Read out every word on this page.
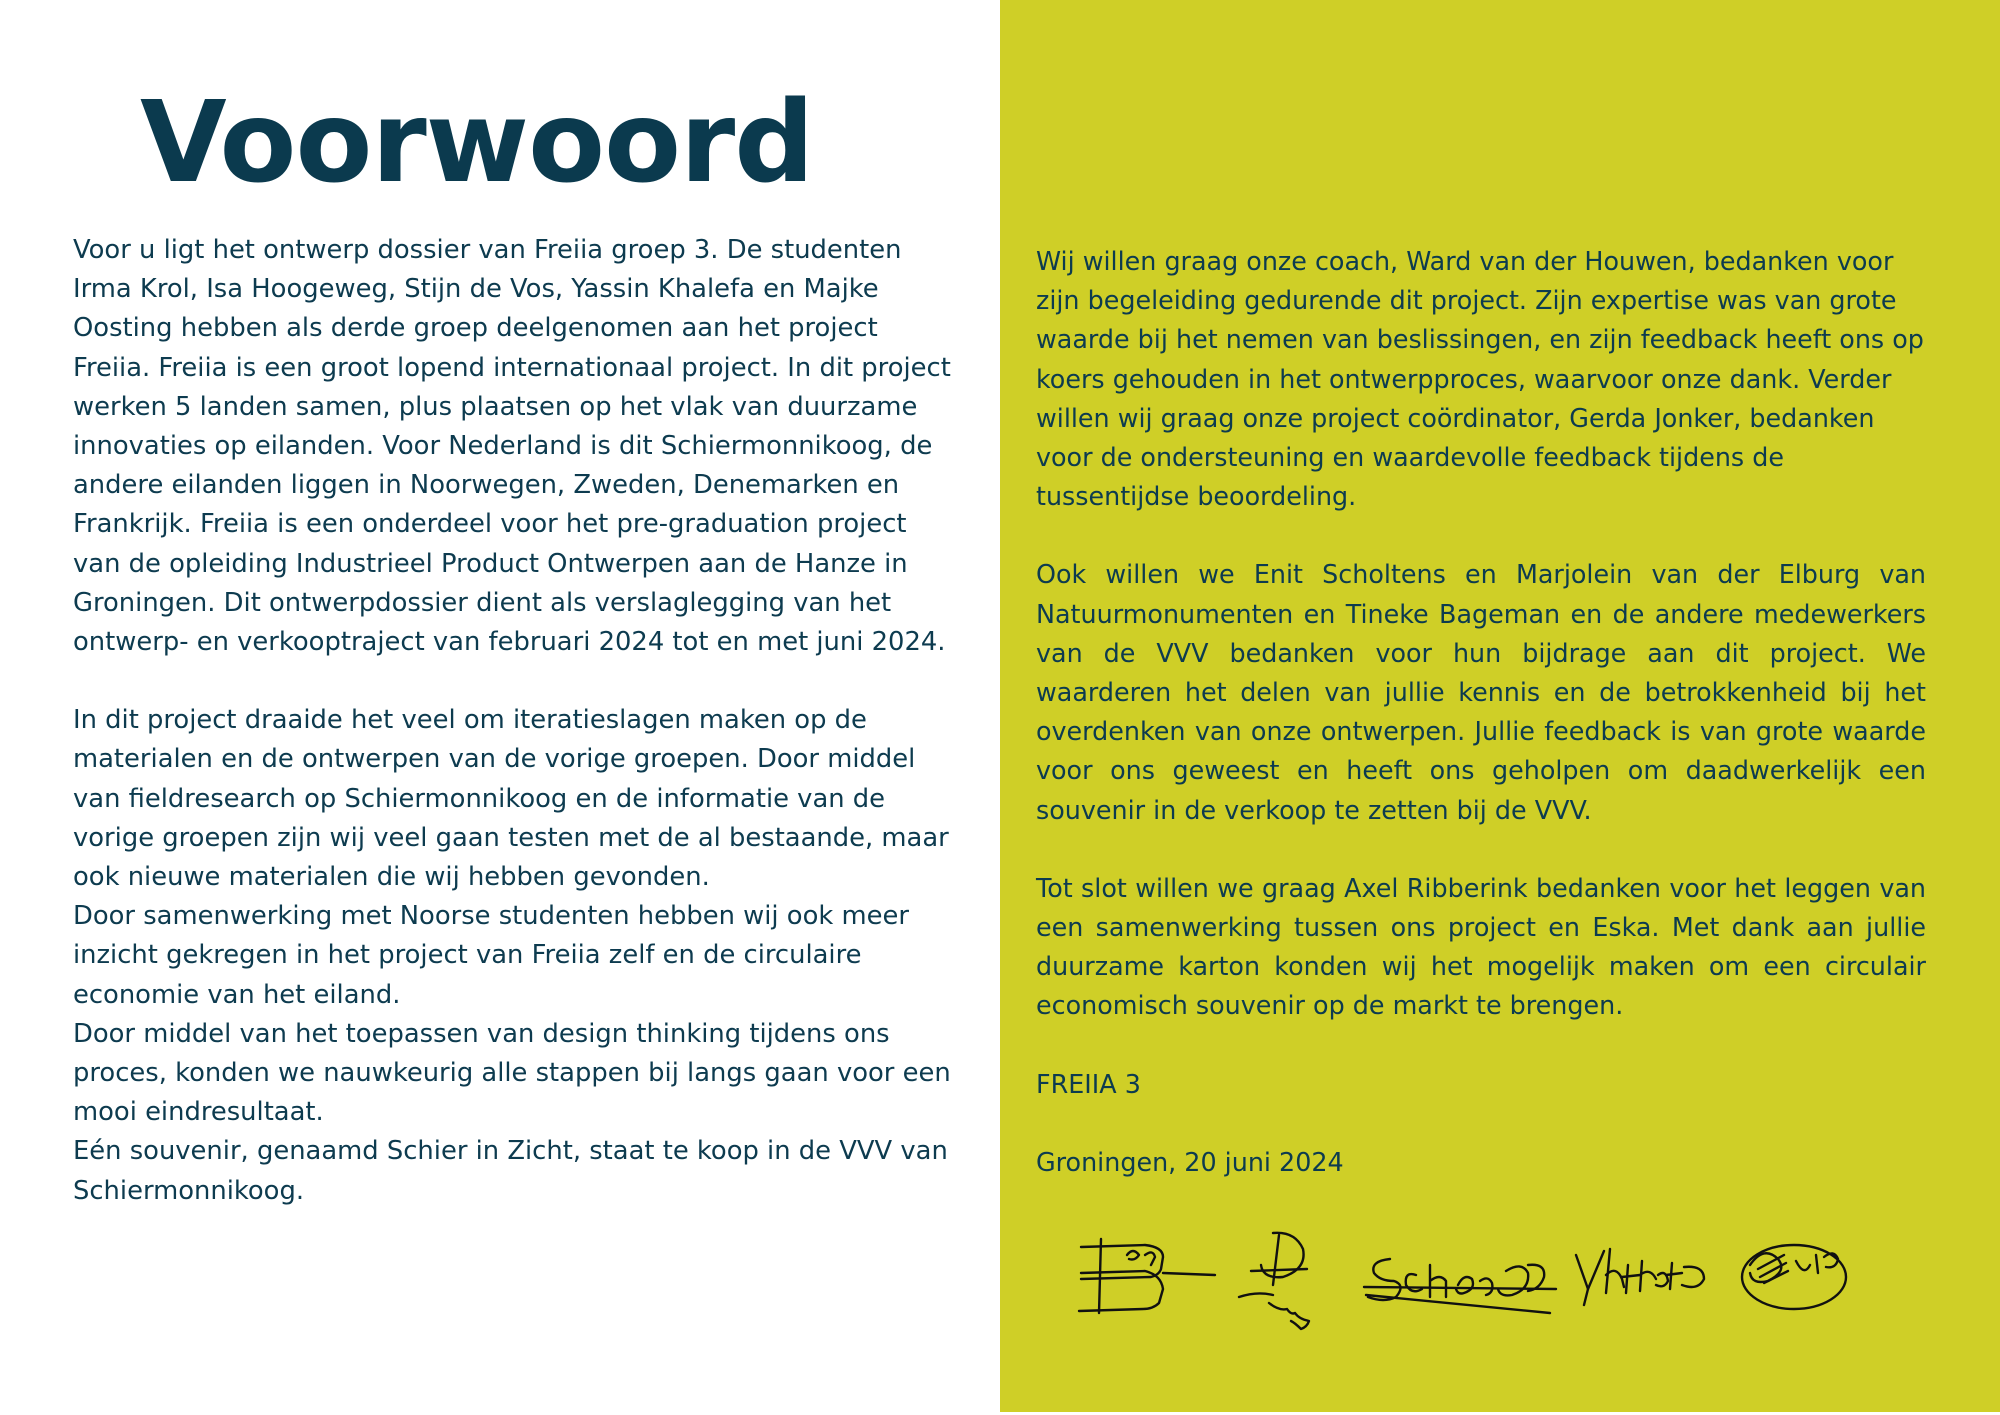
Voorwoord

Voor u ligt het ontwerp dossier van Freiia groep 3. De studenten Irma Krol, Isa Hoogeweg, Stijn de Vos, Yassin Khalefa en Majke Oosting hebben als derde groep deelgenomen aan het project Freiia. Freiia is een groot lopend internationaal project. In dit project werken 5 landen samen, plus plaatsen op het vlak van duurzame innovaties op eilanden. Voor Nederland is dit Schiermonnikoog, de andere eilanden liggen in Noorwegen, Zweden, Denemarken en Frankrijk. Freiia is een onderdeel voor het pre-graduation project van de opleiding Industrieel Product Ontwerpen aan de Hanze in Groningen. Dit ontwerpdossier dient als verslaglegging van het ontwerp- en verkooptraject van februari 2024 tot en met juni 2024.

In dit project draaide het veel om iteratieslagen maken op de materialen en de ontwerpen van de vorige groepen. Door middel van fieldresearch op Schiermonnikoog en de informatie van de vorige groepen zijn wij veel gaan testen met de al bestaande, maar ook nieuwe materialen die wij hebben gevonden.
Door samenwerking met Noorse studenten hebben wij ook meer inzicht gekregen in het project van Freiia zelf en de circulaire economie van het eiland.
Door middel van het toepassen van design thinking tijdens ons proces, konden we nauwkeurig alle stappen bij langs gaan voor een mooi eindresultaat.
Eén souvenir, genaamd Schier in Zicht, staat te koop in de VVV van Schiermonnikoog.

Wij willen graag onze coach, Ward van der Houwen, bedanken voor zijn begeleiding gedurende dit project. Zijn expertise was van grote waarde bij het nemen van beslissingen, en zijn feedback heeft ons op koers gehouden in het ontwerpproces, waarvoor onze dank. Verder willen wij graag onze project coördinator, Gerda Jonker, bedanken voor de ondersteuning en waardevolle feedback tijdens de tussentijdse beoordeling.

Ook willen we Enit Scholtens en Marjolein van der Elburg van Natuurmonumenten en Tineke Bageman en de andere medewerkers van de VVV bedanken voor hun bijdrage aan dit project. We waarderen het delen van jullie kennis en de betrokkenheid bij het overdenken van onze ontwerpen. Jullie feedback is van grote waarde voor ons geweest en heeft ons geholpen om daadwerkelijk een souvenir in de verkoop te zetten bij de VVV.

Tot slot willen we graag Axel Ribberink bedanken voor het leggen van een samenwerking tussen ons project en Eska. Met dank aan jullie duurzame karton konden wij het mogelijk maken om een circulair economisch souvenir op de markt te brengen.

FREIIA 3

Groningen, 20 juni 2024
